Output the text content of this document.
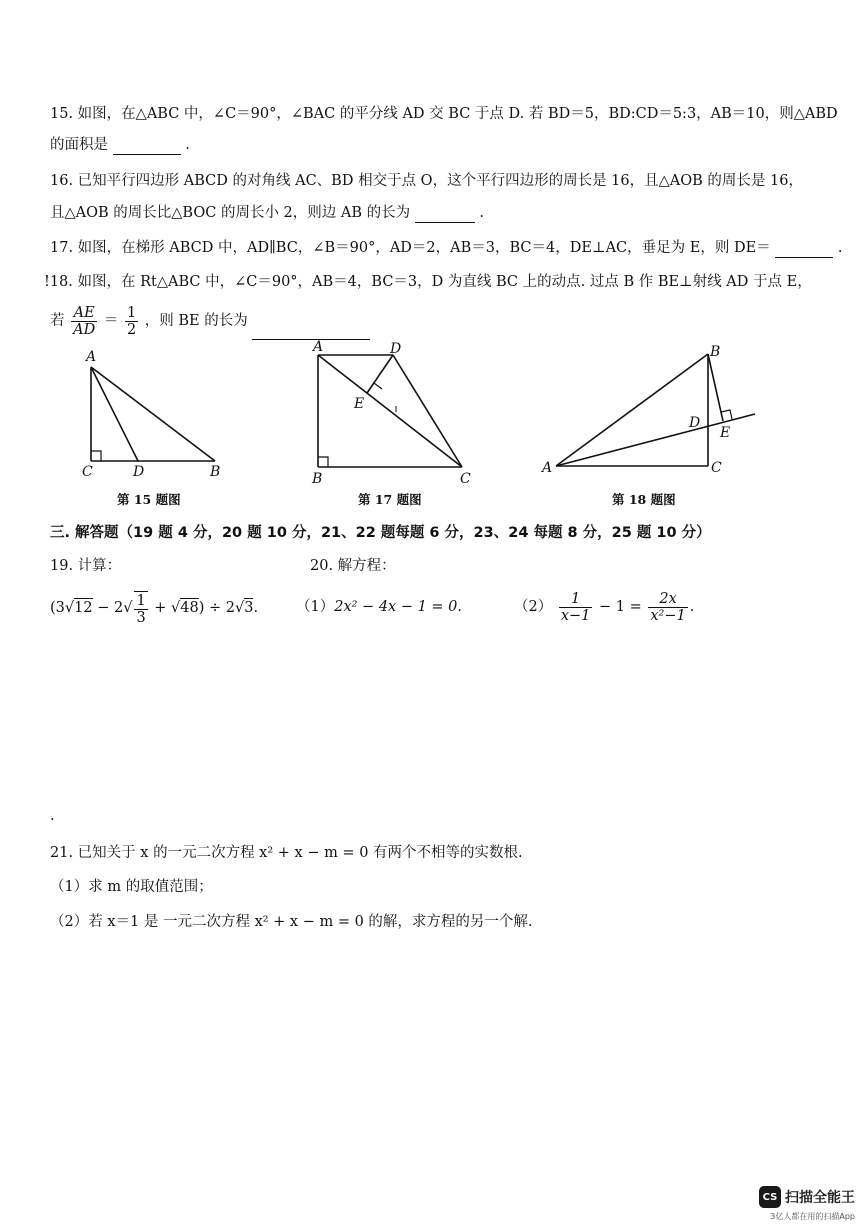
15. 如图，在△ABC 中，∠C＝90°，∠BAC 的平分线 AD 交 BC 于点 D. 若 BD＝5，BD:CD＝5:3，AB＝10，则△ABD
的面积是	.
16. 已知平行四边形 ABCD 的对角线 AC、BD 相交于点 O，这个平行四边形的周长是 16，且△AOB 的周长是 16，
且△AOB 的周长比△BOC 的周长小 2，则边 AB 的长为	.
17. 如图，在梯形 ABCD 中，AD∥BC，∠B＝90°，AD＝2，AB＝3，BC＝4，DE⊥AC，垂足为 E，则 DE＝	.
!18. 如图，在 Rt△ABC 中，∠C＝90°，AB＝4，BC＝3，D 为直线 BC 上的动点. 过点 B 作 BE⊥射线 AD 于点 E，
若 $\frac{AE}{AD} = \frac{1}{2}$ ，则 BE 的长为
A
C	D	B
第 15 题图
A	D
E
B	C
第 17 题图
B
D
E
A	C
第 18 题图
三. 解答题（19 题 4 分，20 题 10 分，21、22 题每题 6 分，23、24 每题 8 分，25 题 10 分）
19. 计算：	20. 解方程：
$(3√12 - 2√ \frac{1}{3} + √48) \div 2√3$.	（1）2x² − 4x − 1 = 0.	$(2) \frac{1}{x-1} - 1 = \frac{2x}{\text{x²−1}}$ .
.
21. 已知关于 x 的一元二次方程 x² + x − m = 0 有两个不相等的实数根.
（1）求 m 的取值范围；
（2）若 x＝1 是 一元二次方程 x² + x − m = 0 的解，求方程的另一个解.
CS 扫描全能王
3亿人都在用的扫描App
